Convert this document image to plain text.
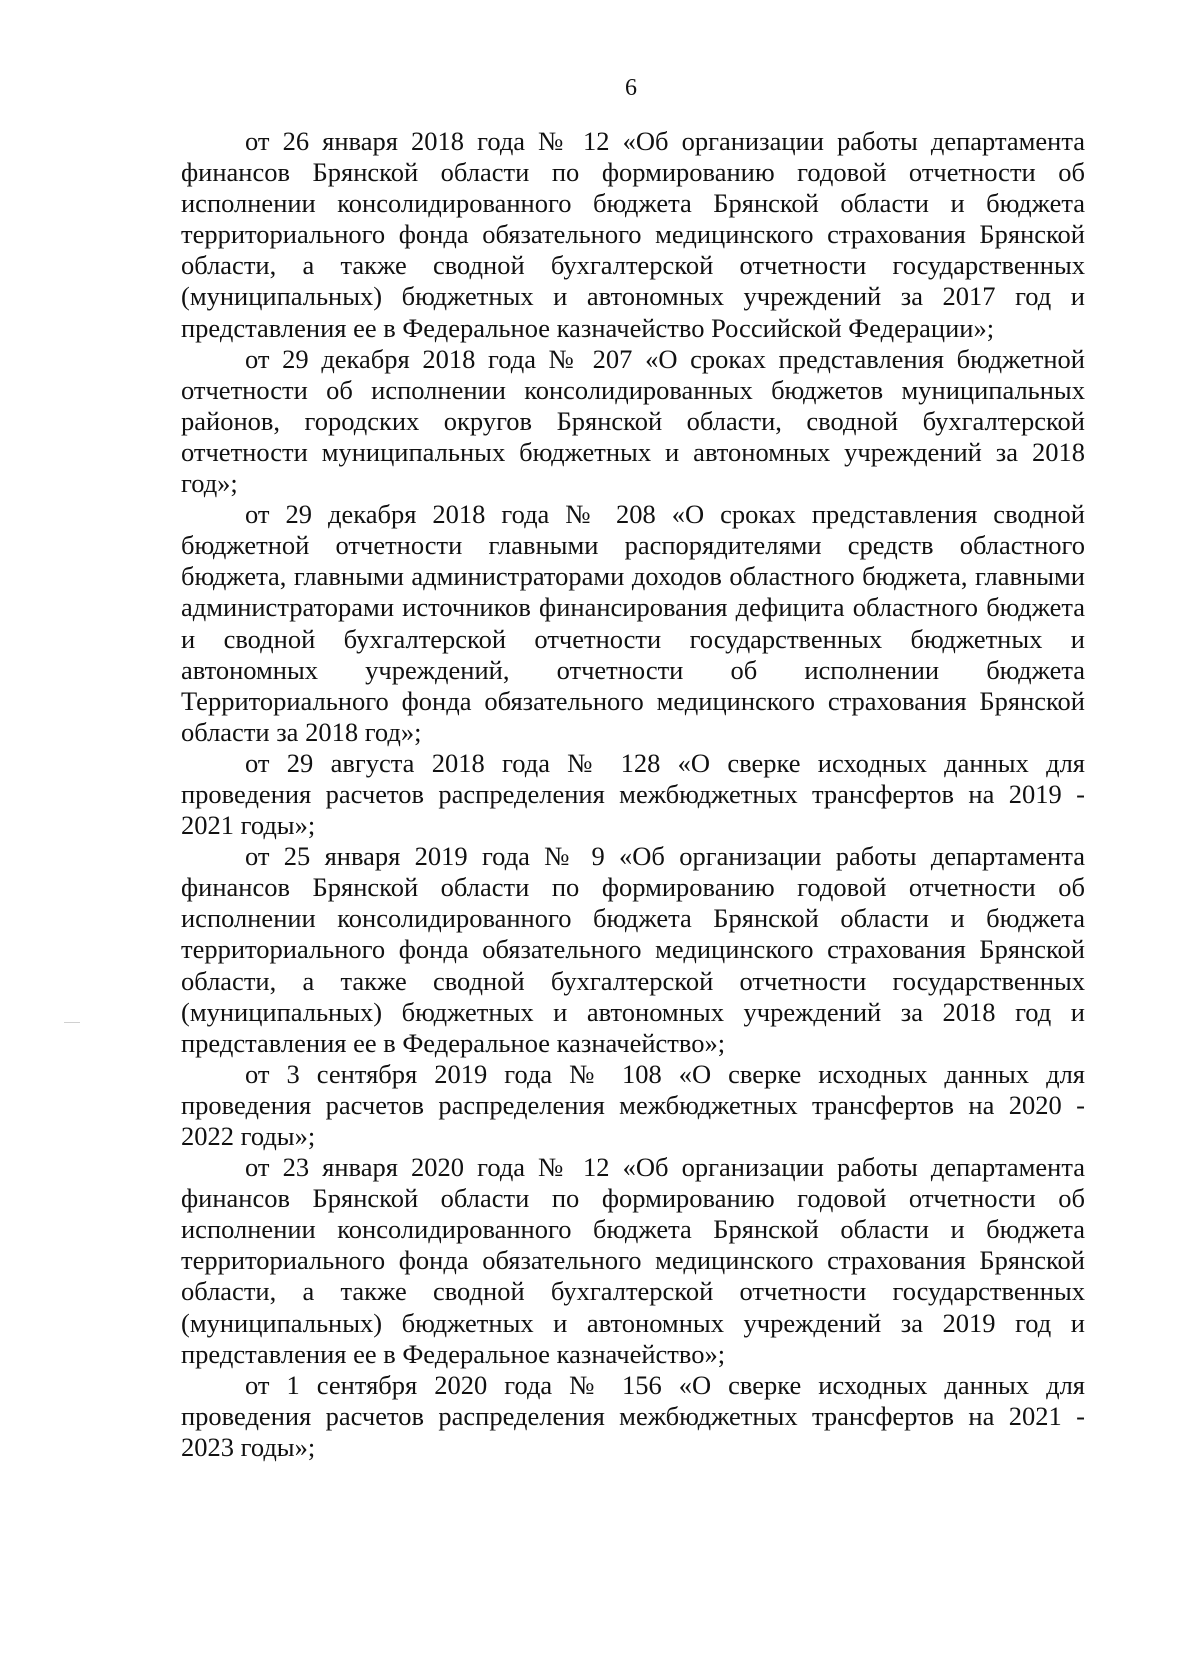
6

от 26 января 2018 года № 12 «Об организации работы департамента финансов Брянской области по формированию годовой отчетности об исполнении консолидированного бюджета Брянской области и бюджета территориального фонда обязательного медицинского страхования Брянской области, а также сводной бухгалтерской отчетности государственных (муниципальных) бюджетных и автономных учреждений за 2017 год и представления ее в Федеральное казначейство Российской Федерации»;

от 29 декабря 2018 года № 207 «О сроках представления бюджетной отчетности об исполнении консолидированных бюджетов муниципальных районов, городских округов Брянской области, сводной бухгалтерской отчетности муниципальных бюджетных и автономных учреждений за 2018 год»;

от 29 декабря 2018 года № 208 «О сроках представления сводной бюджетной отчетности главными распорядителями средств областного бюджета, главными администраторами доходов областного бюджета, главными администраторами источников финансирования дефицита областного бюджета и сводной бухгалтерской отчетности государственных бюджетных и автономных учреждений, отчетности об исполнении бюджета Территориального фонда обязательного медицинского страхования Брянской области за 2018 год»;

от 29 августа 2018 года № 128 «О сверке исходных данных для проведения расчетов распределения межбюджетных трансфертов на 2019 - 2021 годы»;

от 25 января 2019 года № 9 «Об организации работы департамента финансов Брянской области по формированию годовой отчетности об исполнении консолидированного бюджета Брянской области и бюджета территориального фонда обязательного медицинского страхования Брянской области, а также сводной бухгалтерской отчетности государственных (муниципальных) бюджетных и автономных учреждений за 2018 год и представления ее в Федеральное казначейство»;

от 3 сентября 2019 года № 108 «О сверке исходных данных для проведения расчетов распределения межбюджетных трансфертов на 2020 - 2022 годы»;

от 23 января 2020 года № 12 «Об организации работы департамента финансов Брянской области по формированию годовой отчетности об исполнении консолидированного бюджета Брянской области и бюджета территориального фонда обязательного медицинского страхования Брянской области, а также сводной бухгалтерской отчетности государственных (муниципальных) бюджетных и автономных учреждений за 2019 год и представления ее в Федеральное казначейство»;

от 1 сентября 2020 года № 156 «О сверке исходных данных для проведения расчетов распределения межбюджетных трансфертов на 2021 - 2023 годы»;
